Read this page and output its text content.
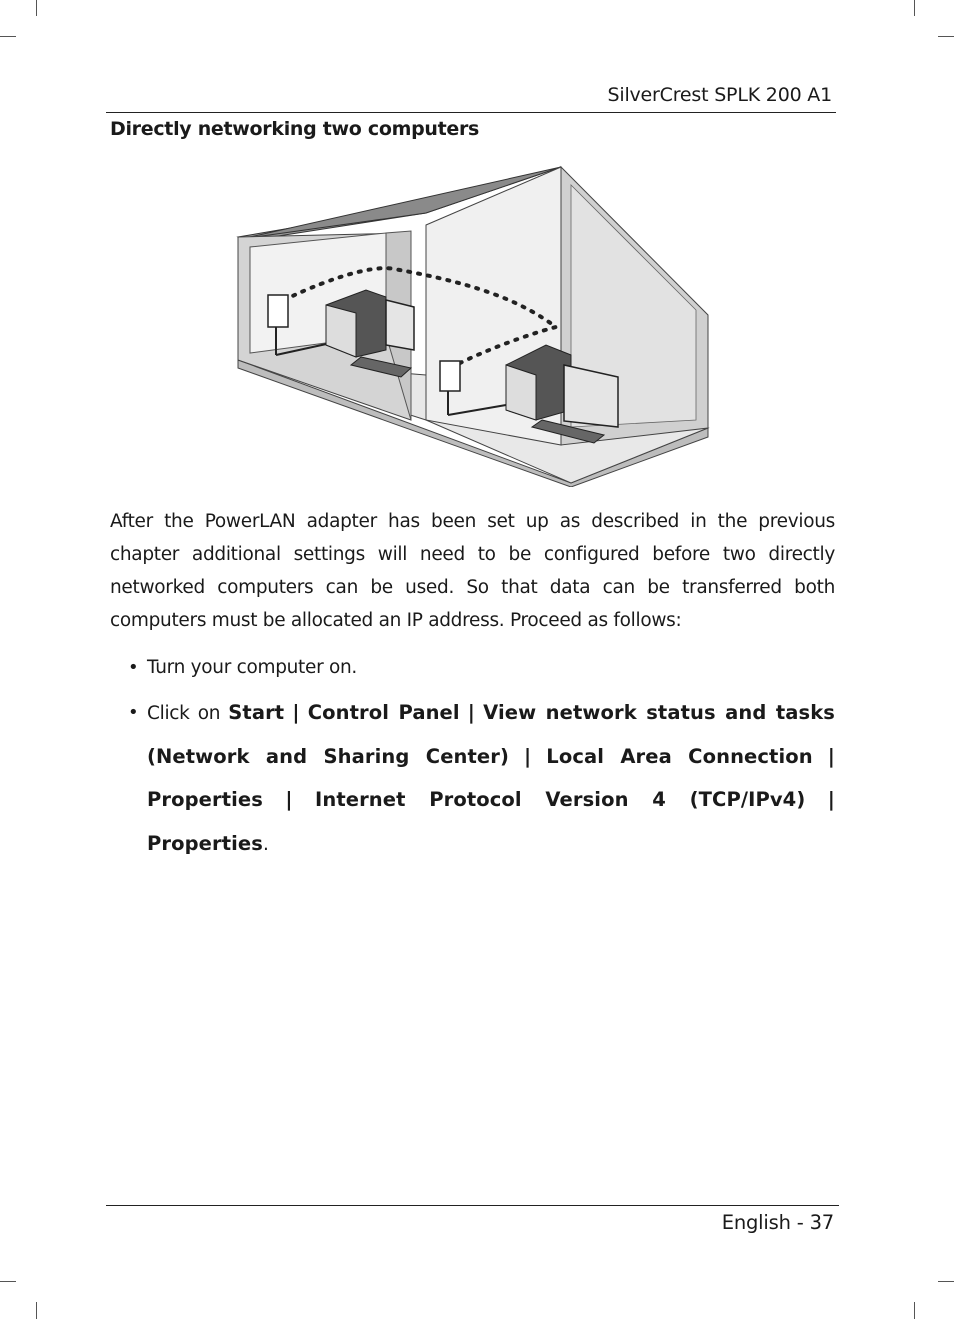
SilverCrest SPLK 200 A1
Directly networking two computers
After the PowerLAN adapter has been set up as described in the previous chapter additional settings will need to be configured before two directly networked computers can be used. So that data can be transferred both computers must be allocated an IP address. Proceed as follows:
• Turn your computer on.
• Click on Start | Control Panel | View network status and tasks (Network and Sharing Center) | Local Area Connection | Properties | Internet Protocol Version 4 (TCP/IPv4) | Properties.
English - 37
